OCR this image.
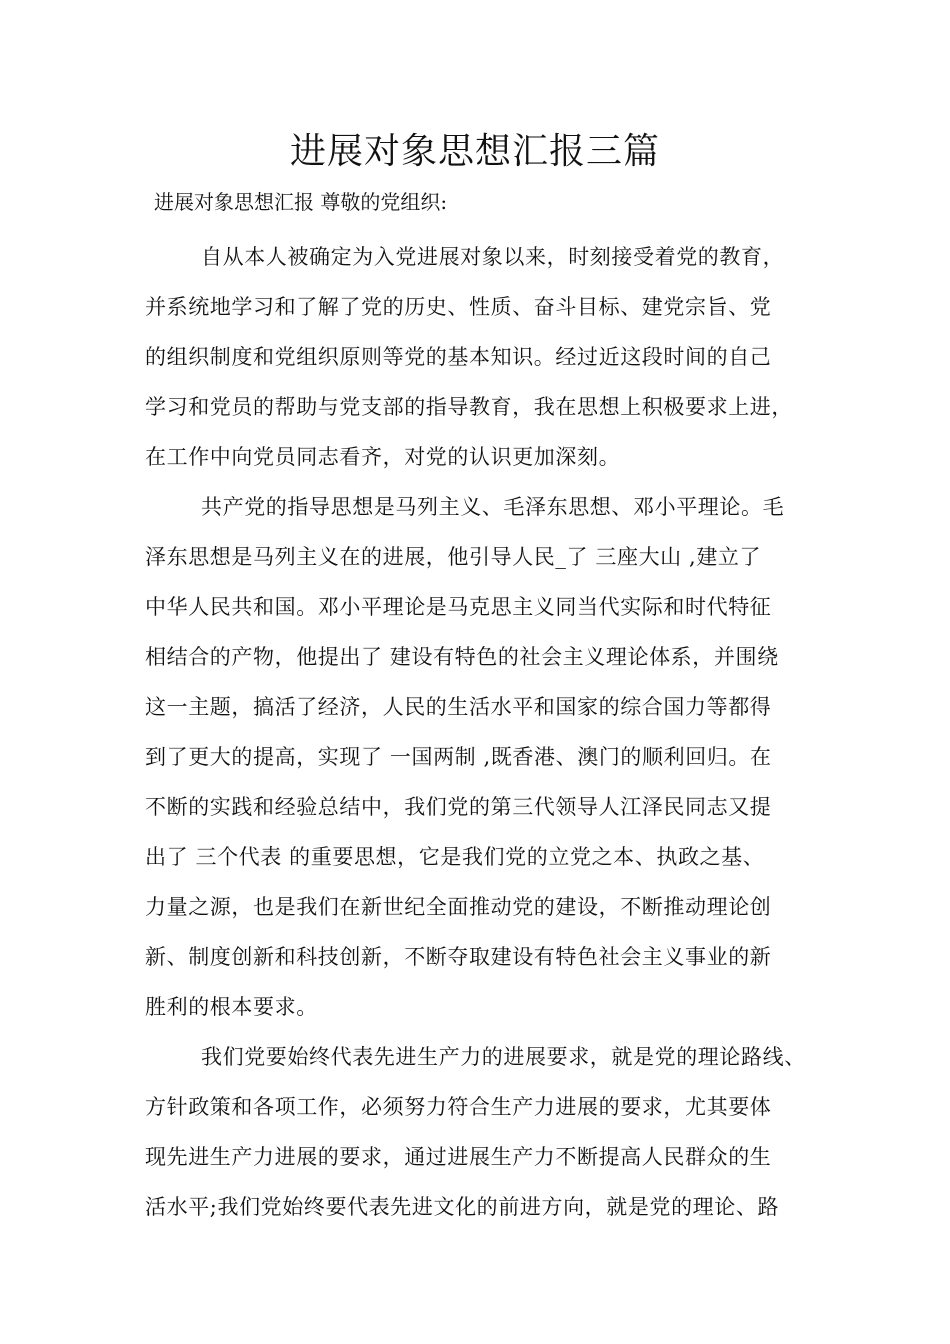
进展对象思想汇报三篇

进展对象思想汇报 尊敬的党组织:

自从本人被确定为入党进展对象以来，时刻接受着党的教育，
并系统地学习和了解了党的历史、性质、奋斗目标、建党宗旨、党
的组织制度和党组织原则等党的基本知识。经过近这段时间的自己
学习和党员的帮助与党支部的指导教育，我在思想上积极要求上进，
在工作中向党员同志看齐，对党的认识更加深刻。
共产党的指导思想是马列主义、毛泽东思想、邓小平理论。毛
泽东思想是马列主义在的进展，他引导人民_了 三座大山 ,建立了
中华人民共和国。邓小平理论是马克思主义同当代实际和时代特征
相结合的产物，他提出了 建设有特色的社会主义理论体系，并围绕
这一主题，搞活了经济，人民的生活水平和国家的综合国力等都得
到了更大的提高，实现了 一国两制 ,既香港、澳门的顺利回归。在
不断的实践和经验总结中，我们党的第三代领导人江泽民同志又提
出了 三个代表 的重要思想，它是我们党的立党之本、执政之基、
力量之源，也是我们在新世纪全面推动党的建设，不断推动理论创
新、制度创新和科技创新，不断夺取建设有特色社会主义事业的新
胜利的根本要求。
我们党要始终代表先进生产力的进展要求，就是党的理论路线、
方针政策和各项工作，必须努力符合生产力进展的要求，尤其要体
现先进生产力进展的要求，通过进展生产力不断提高人民群众的生
活水平;我们党始终要代表先进文化的前进方向，就是党的理论、路
